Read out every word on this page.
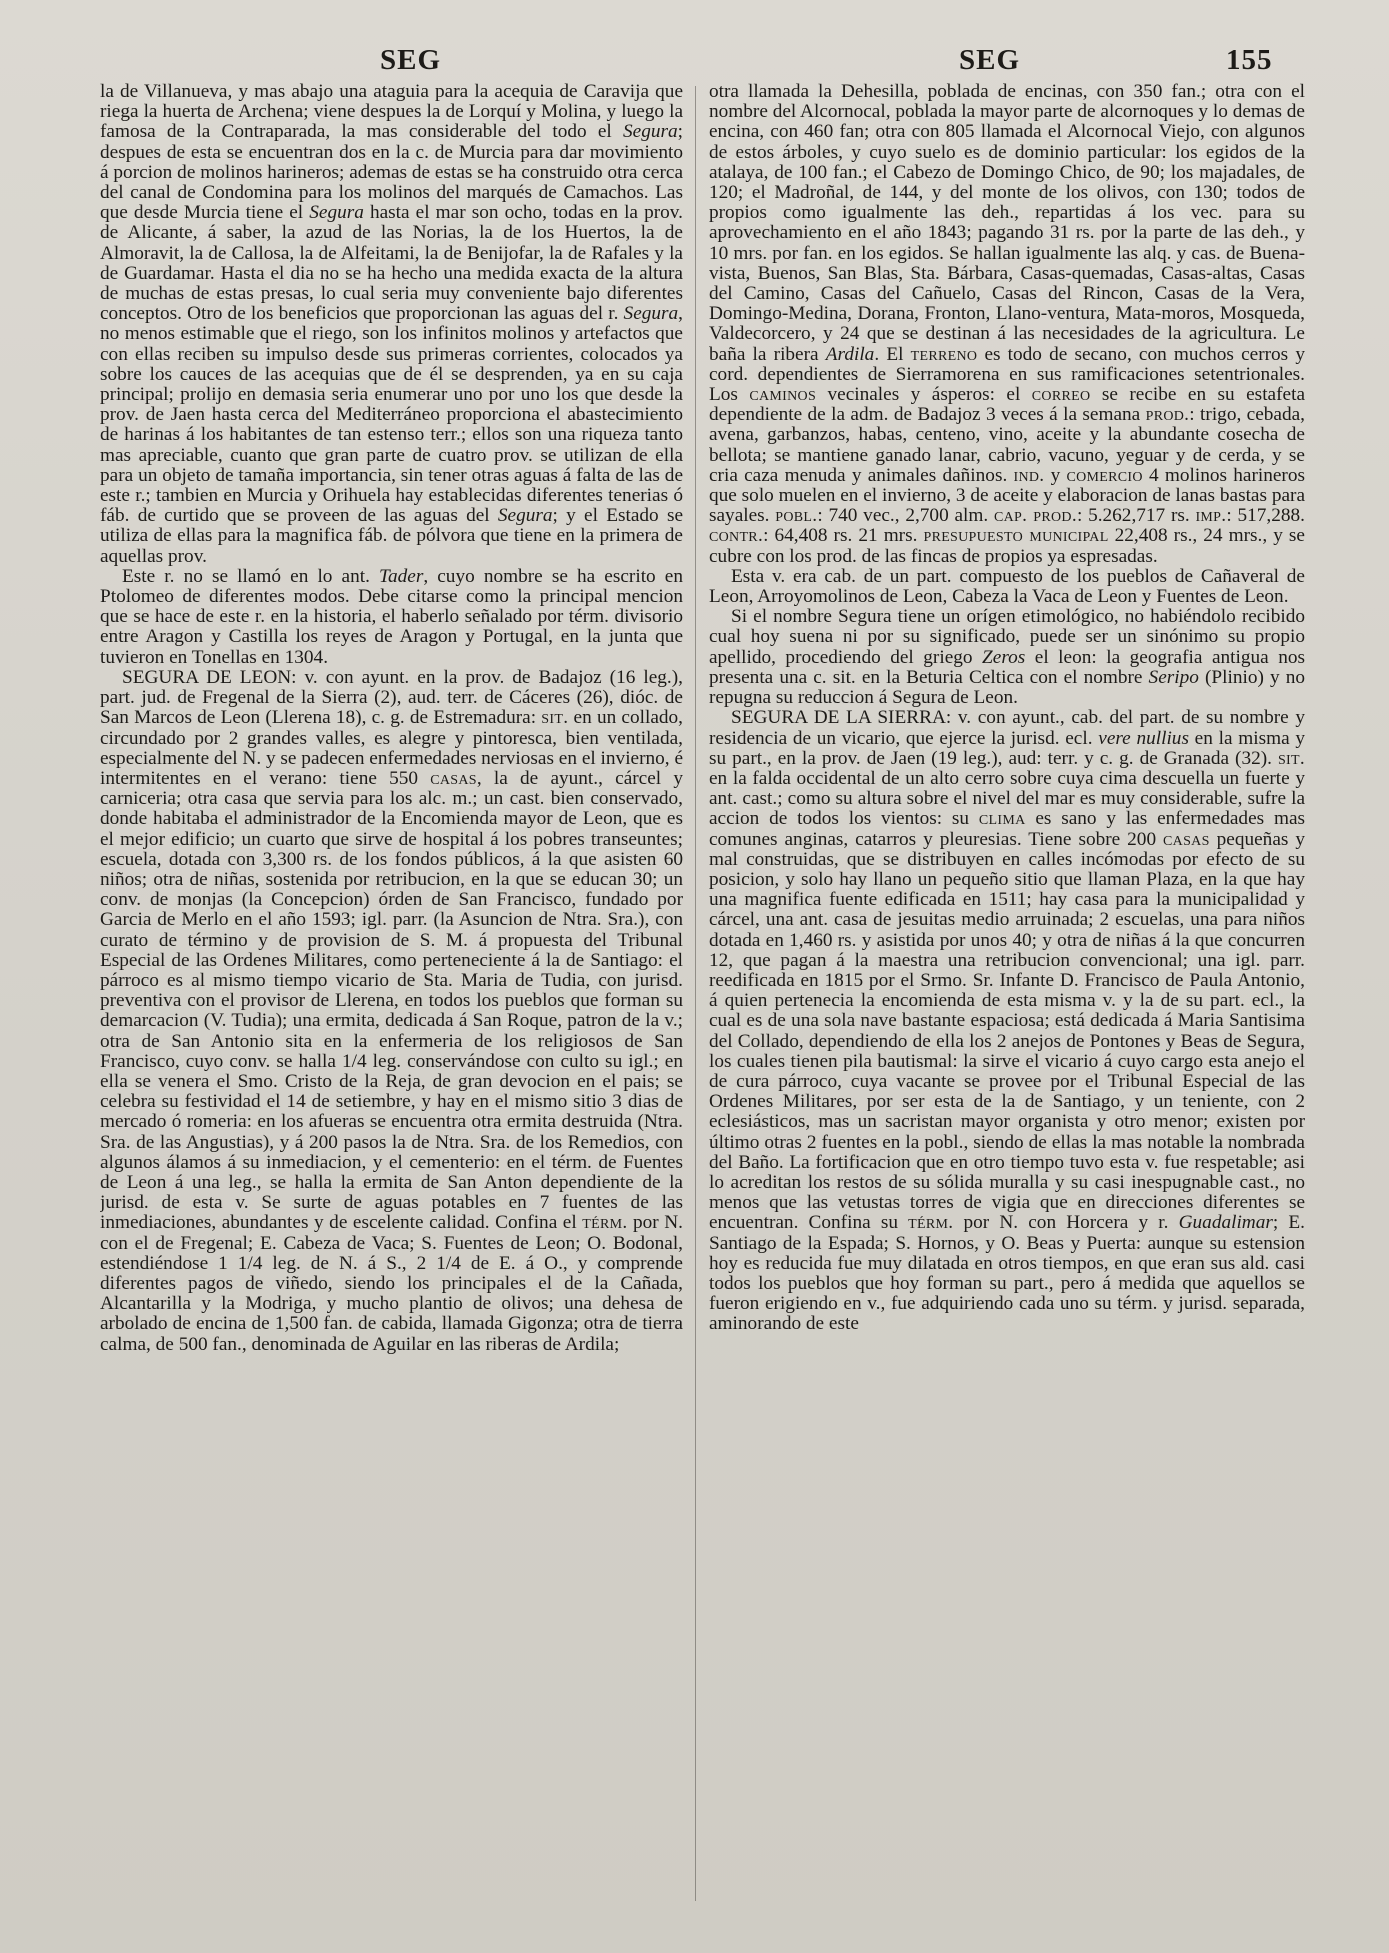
SEG	SEG	155

la de Villanueva, y mas abajo una ataguia para la acequia de Caravija que riega la huerta de Archena; viene despues la de Lorquí y Molina, y luego la famosa de la Contraparada, la mas considerable del todo el Segura; despues de esta se encuentran dos en la c. de Murcia para dar movimiento á porcion de molinos harineros; ademas de estas se ha construido otra cerca del canal de Condomina para los molinos del marqués de Camachos. Las que desde Murcia tiene el Segura hasta el mar son ocho, todas en la prov. de Alicante, á saber, la azud de las Norias, la de los Huertos, la de Almoravit, la de Callosa, la de Alfeitami, la de Benijofar, la de Rafales y la de Guardamar. Hasta el dia no se ha hecho una medida exacta de la altura de muchas de estas presas, lo cual seria muy conveniente bajo diferentes conceptos. Otro de los beneficios que proporcionan las aguas del r. Segura, no menos estimable que el riego, son los infinitos molinos y artefactos que con ellas reciben su impulso desde sus primeras corrientes, colocados ya sobre los cauces de las acequias que de él se desprenden, ya en su caja principal; prolijo en demasia seria enumerar uno por uno los que desde la prov. de Jaen hasta cerca del Mediterráneo proporciona el abastecimiento de harinas á los habitantes de tan estenso terr.; ellos son una riqueza tanto mas apreciable, cuanto que gran parte de cuatro prov. se utilizan de ella para un objeto de tamaña importancia, sin tener otras aguas á falta de las de este r.; tambien en Murcia y Orihuela hay establecidas diferentes tenerias ó fáb. de curtido que se proveen de las aguas del Segura; y el Estado se utiliza de ellas para la magnifica fáb. de pólvora que tiene en la primera de aquellas prov.

Este r. no se llamó en lo ant. Tader, cuyo nombre se ha escrito en Ptolomeo de diferentes modos. Debe citarse como la principal mencion que se hace de este r. en la historia, el haberlo señalado por térm. divisorio entre Aragon y Castilla los reyes de Aragon y Portugal, en la junta que tuvieron en Tonellas en 1304.

SEGURA DE LEON: v. con ayunt. en la prov. de Badajoz (16 leg.), part. jud. de Fregenal de la Sierra (2), aud. terr. de Cáceres (26), dióc. de San Marcos de Leon (Llerena 18), c. g. de Estremadura: sit. en un collado, circundado por 2 grandes valles, es alegre y pintoresca, bien ventilada, especialmente del N. y se padecen enfermedades nerviosas en el invierno, é intermitentes en el verano: tiene 550 casas, la de ayunt., cárcel y carniceria; otra casa que servia para los alc. m.; un cast. bien conservado, donde habitaba el administrador de la Encomienda mayor de Leon, que es el mejor edificio; un cuarto que sirve de hospital á los pobres transeuntes; escuela, dotada con 3,300 rs. de los fondos públicos, á la que asisten 60 niños; otra de niñas, sostenida por retribucion, en la que se educan 30; un conv. de monjas (la Concepcion) órden de San Francisco, fundado por Garcia de Merlo en el año 1593; igl. parr. (la Asuncion de Ntra. Sra.), con curato de término y de provision de S. M. á propuesta del Tribunal Especial de las Ordenes Militares, como perteneciente á la de Santiago: el párroco es al mismo tiempo vicario de Sta. Maria de Tudia, con jurisd. preventiva con el provisor de Llerena, en todos los pueblos que forman su demarcacion (V. Tudia); una ermita, dedicada á San Roque, patron de la v.; otra de San Antonio sita en la enfermeria de los religiosos de San Francisco, cuyo conv. se halla 1/4 leg. conservándose con culto su igl.; en ella se venera el Smo. Cristo de la Reja, de gran devocion en el pais; se celebra su festividad el 14 de setiembre, y hay en el mismo sitio 3 dias de mercado ó romeria: en los afueras se encuentra otra ermita destruida (Ntra. Sra. de las Angustias), y á 200 pasos la de Ntra. Sra. de los Remedios, con algunos álamos á su inmediacion, y el cementerio: en el térm. de Fuentes de Leon á una leg., se halla la ermita de San Anton dependiente de la jurisd. de esta v. Se surte de aguas potables en 7 fuentes de las inmediaciones, abundantes y de escelente calidad. Confina el térm. por N. con el de Fregenal; E. Cabeza de Vaca; S. Fuentes de Leon; O. Bodonal, estendiéndose 1 1/4 leg. de N. á S., 2 1/4 de E. á O., y comprende diferentes pagos de viñedo, siendo los principales el de la Cañada, Alcantarilla y la Modriga, y mucho plantio de olivos; una dehesa de arbolado de encina de 1,500 fan. de cabida, llamada Gigonza; otra de tierra calma, de 500 fan., denominada de Aguilar en las riberas de Ardila;

otra llamada la Dehesilla, poblada de encinas, con 350 fan.; otra con el nombre del Alcornocal, poblada la mayor parte de alcornoques y lo demas de encina, con 460 fan; otra con 805 llamada el Alcornocal Viejo, con algunos de estos árboles, y cuyo suelo es de dominio particular: los egidos de la atalaya, de 100 fan.; el Cabezo de Domingo Chico, de 90; los majadales, de 120; el Madroñal, de 144, y del monte de los olivos, con 130; todos de propios como igualmente las deh., repartidas á los vec. para su aprovechamiento en el año 1843; pagando 31 rs. por la parte de las deh., y 10 mrs. por fan. en los egidos. Se hallan igualmente las alq. y cas. de Buena-vista, Buenos, San Blas, Sta. Bárbara, Casas-quemadas, Casas-altas, Casas del Camino, Casas del Cañuelo, Casas del Rincon, Casas de la Vera, Domingo-Medina, Dorana, Fronton, Llano-ventura, Mata-moros, Mosqueda, Valdecorcero, y 24 que se destinan á las necesidades de la agricultura. Le baña la ribera Ardila. El terreno es todo de secano, con muchos cerros y cord. dependientes de Sierramorena en sus ramificaciones setentrionales. Los caminos vecinales y ásperos: el correo se recibe en su estafeta dependiente de la adm. de Badajoz 3 veces á la semana prod.: trigo, cebada, avena, garbanzos, habas, centeno, vino, aceite y la abundante cosecha de bellota; se mantiene ganado lanar, cabrio, vacuno, yeguar y de cerda, y se cria caza menuda y animales dañinos. ind. y comercio 4 molinos harineros que solo muelen en el invierno, 3 de aceite y elaboracion de lanas bastas para sayales. pobl.: 740 vec., 2,700 alm. cap. prod.: 5.262,717 rs. imp.: 517,288. contr.: 64,408 rs. 21 mrs. presupuesto municipal 22,408 rs., 24 mrs., y se cubre con los prod. de las fincas de propios ya espresadas.

Esta v. era cab. de un part. compuesto de los pueblos de Cañaveral de Leon, Arroyomolinos de Leon, Cabeza la Vaca de Leon y Fuentes de Leon.

Si el nombre Segura tiene un orígen etimológico, no habiéndolo recibido cual hoy suena ni por su significado, puede ser un sinónimo su propio apellido, procediendo del griego Zeros el leon: la geografia antigua nos presenta una c. sit. en la Beturia Celtica con el nombre Seripo (Plinio) y no repugna su reduccion á Segura de Leon.

SEGURA DE LA SIERRA: v. con ayunt., cab. del part. de su nombre y residencia de un vicario, que ejerce la jurisd. ecl. vere nullius en la misma y su part., en la prov. de Jaen (19 leg.), aud: terr. y c. g. de Granada (32). sit. en la falda occidental de un alto cerro sobre cuya cima descuella un fuerte y ant. cast.; como su altura sobre el nivel del mar es muy considerable, sufre la accion de todos los vientos: su clima es sano y las enfermedades mas comunes anginas, catarros y pleuresias. Tiene sobre 200 casas pequeñas y mal construidas, que se distribuyen en calles incómodas por efecto de su posicion, y solo hay llano un pequeño sitio que llaman Plaza, en la que hay una magnifica fuente edificada en 1511; hay casa para la municipalidad y cárcel, una ant. casa de jesuitas medio arruinada; 2 escuelas, una para niños dotada en 1,460 rs. y asistida por unos 40; y otra de niñas á la que concurren 12, que pagan á la maestra una retribucion convencional; una igl. parr. reedificada en 1815 por el Srmo. Sr. Infante D. Francisco de Paula Antonio, á quien pertenecia la encomienda de esta misma v. y la de su part. ecl., la cual es de una sola nave bastante espaciosa; está dedicada á Maria Santisima del Collado, dependiendo de ella los 2 anejos de Pontones y Beas de Segura, los cuales tienen pila bautismal: la sirve el vicario á cuyo cargo esta anejo el de cura párroco, cuya vacante se provee por el Tribunal Especial de las Ordenes Militares, por ser esta de la de Santiago, y un teniente, con 2 eclesiásticos, mas un sacristan mayor organista y otro menor; existen por último otras 2 fuentes en la pobl., siendo de ellas la mas notable la nombrada del Baño. La fortificacion que en otro tiempo tuvo esta v. fue respetable; asi lo acreditan los restos de su sólida muralla y su casi inespugnable cast., no menos que las vetustas torres de vigia que en direcciones diferentes se encuentran. Confina su térm. por N. con Horcera y r. Guadalimar; E. Santiago de la Espada; S. Hornos, y O. Beas y Puerta: aunque su estension hoy es reducida fue muy dilatada en otros tiempos, en que eran sus ald. casi todos los pueblos que hoy forman su part., pero á medida que aquellos se fueron erigiendo en v., fue adquiriendo cada uno su térm. y jurisd. separada, aminorando de este
